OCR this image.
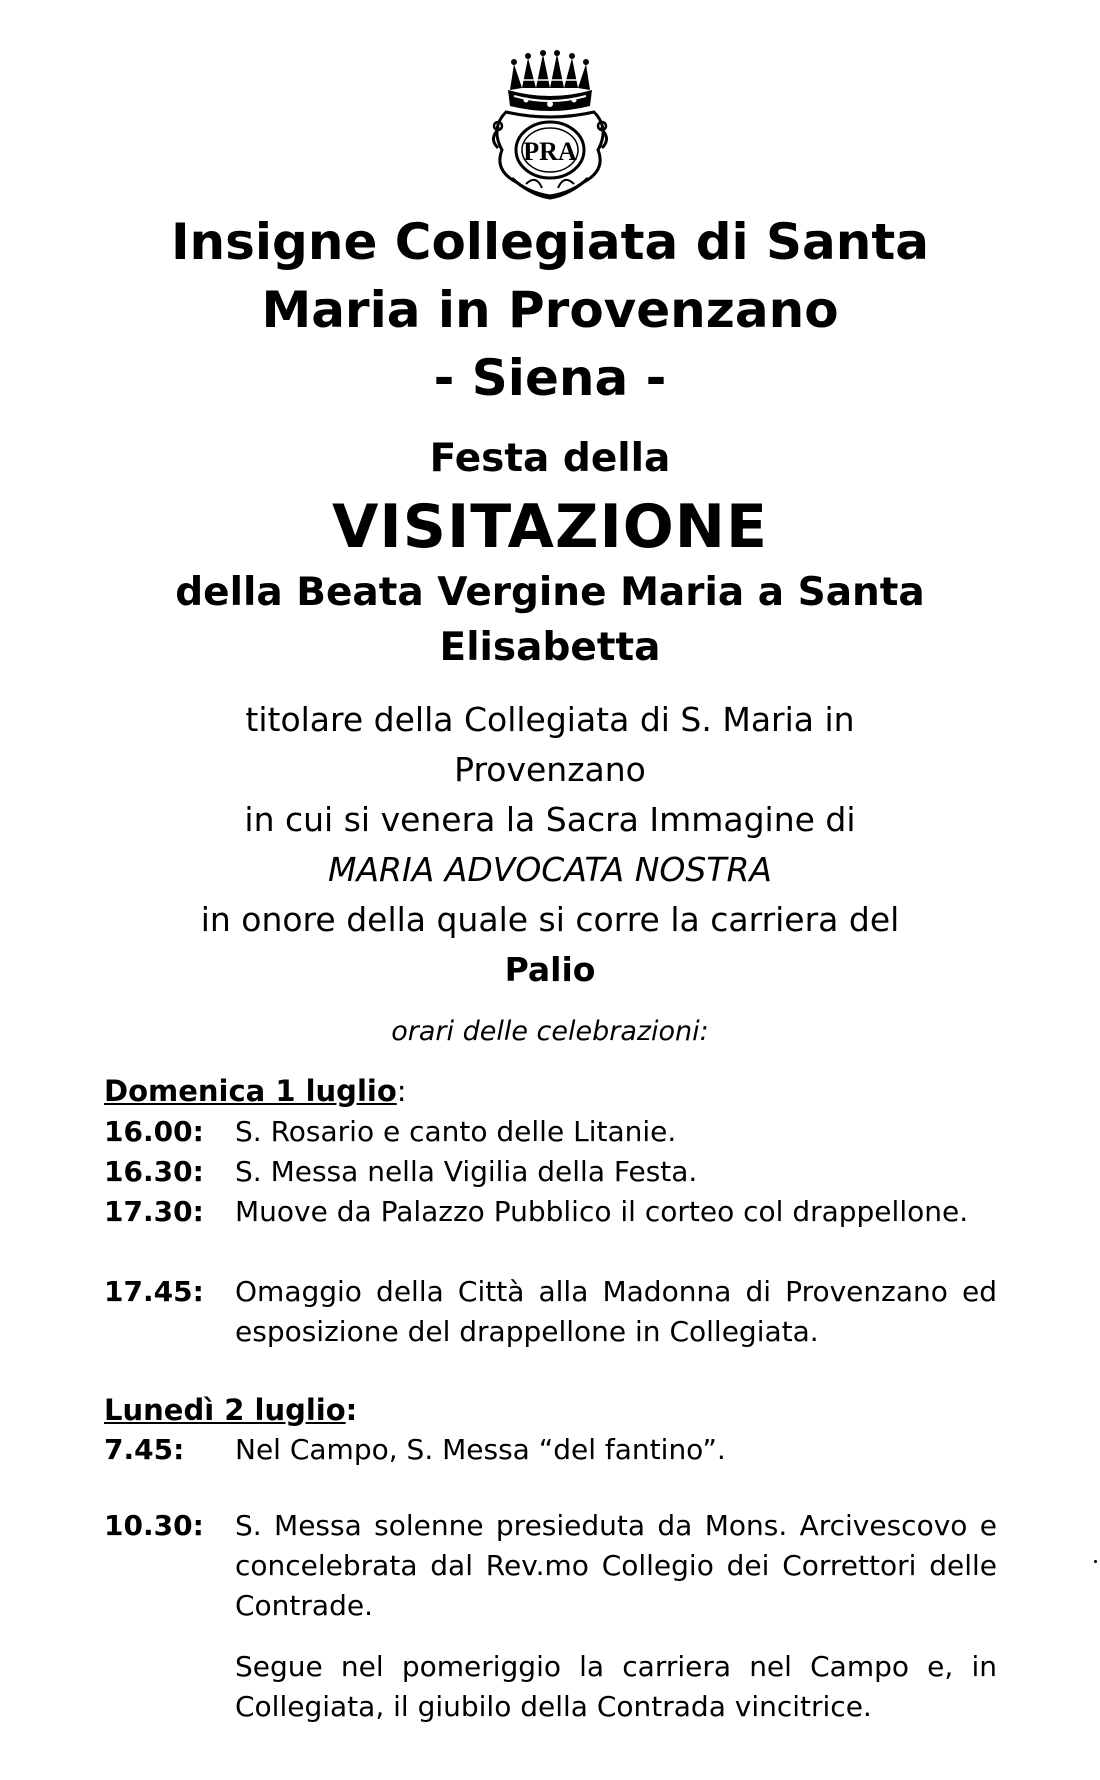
PRA
Insigne Collegiata di Santa
Maria in Provenzano
- Siena -
Festa della
VISITAZIONE
della Beata Vergine Maria a Santa
Elisabetta
titolare della Collegiata di S. Maria in
Provenzano
in cui si venera la Sacra Immagine di
MARIA ADVOCATA NOSTRA
in onore della quale si corre la carriera del
Palio
orari delle celebrazioni:
Domenica 1 luglio:
16.00:	S. Rosario e canto delle Litanie.
16.30:	S. Messa nella Vigilia della Festa.
17.30:	Muove da Palazzo Pubblico il corteo col drappellone.
17.45:	Omaggio della Città alla Madonna di Provenzano ed esposizione del drappellone in Collegiata.
Lunedì 2 luglio:
7.45:	Nel Campo, S. Messa “del fantino”.
10.30:	S. Messa solenne presieduta da Mons. Arcivescovo e concelebrata dal Rev.mo Collegio dei Correttori delle Contrade.
Segue nel pomeriggio la carriera nel Campo e, in Collegiata, il giubilo della Contrada vincitrice.
